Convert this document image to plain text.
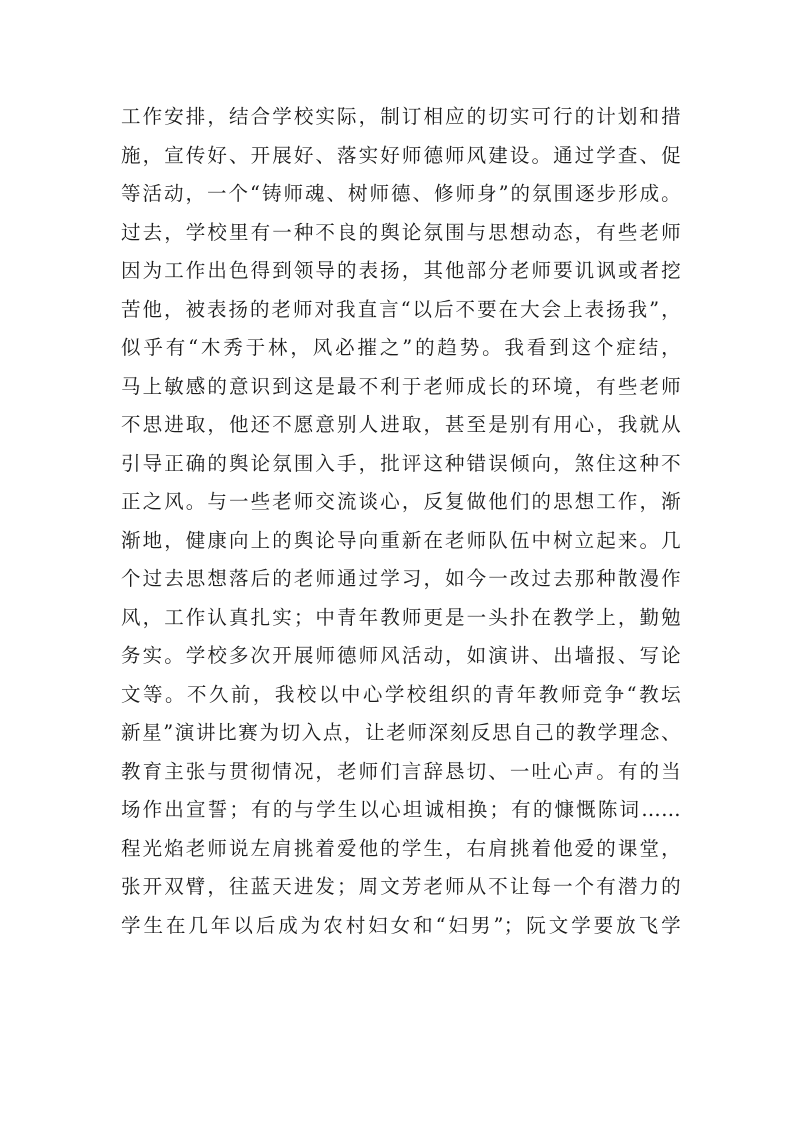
工作安排，结合学校实际，制订相应的切实可行的计划和措
施，宣传好、开展好、落实好师德师风建设。通过学查、促
等活动，一个“铸师魂、树师德、修师身”的氛围逐步形成。
过去，学校里有一种不良的舆论氛围与思想动态，有些老师
因为工作出色得到领导的表扬，其他部分老师要讥讽或者挖
苦他，被表扬的老师对我直言“以后不要在大会上表扬我”，
似乎有“木秀于林，风必摧之”的趋势。我看到这个症结，
马上敏感的意识到这是最不利于老师成长的环境，有些老师
不思进取，他还不愿意别人进取，甚至是别有用心，我就从
引导正确的舆论氛围入手，批评这种错误倾向，煞住这种不
正之风。与一些老师交流谈心，反复做他们的思想工作，渐
渐地，健康向上的舆论导向重新在老师队伍中树立起来。几
个过去思想落后的老师通过学习，如今一改过去那种散漫作
风，工作认真扎实；中青年教师更是一头扑在教学上，勤勉
务实。学校多次开展师德师风活动，如演讲、出墙报、写论
文等。不久前，我校以中心学校组织的青年教师竞争“教坛
新星”演讲比赛为切入点，让老师深刻反思自己的教学理念、
教育主张与贯彻情况，老师们言辞恳切、一吐心声。有的当
场作出宣誓；有的与学生以心坦诚相换；有的慷慨陈词……
程光焰老师说左肩挑着爱他的学生，右肩挑着他爱的课堂，
张开双臂，往蓝天进发；周文芳老师从不让每一个有潜力的
学生在几年以后成为农村妇女和“妇男”；阮文学要放飞学
